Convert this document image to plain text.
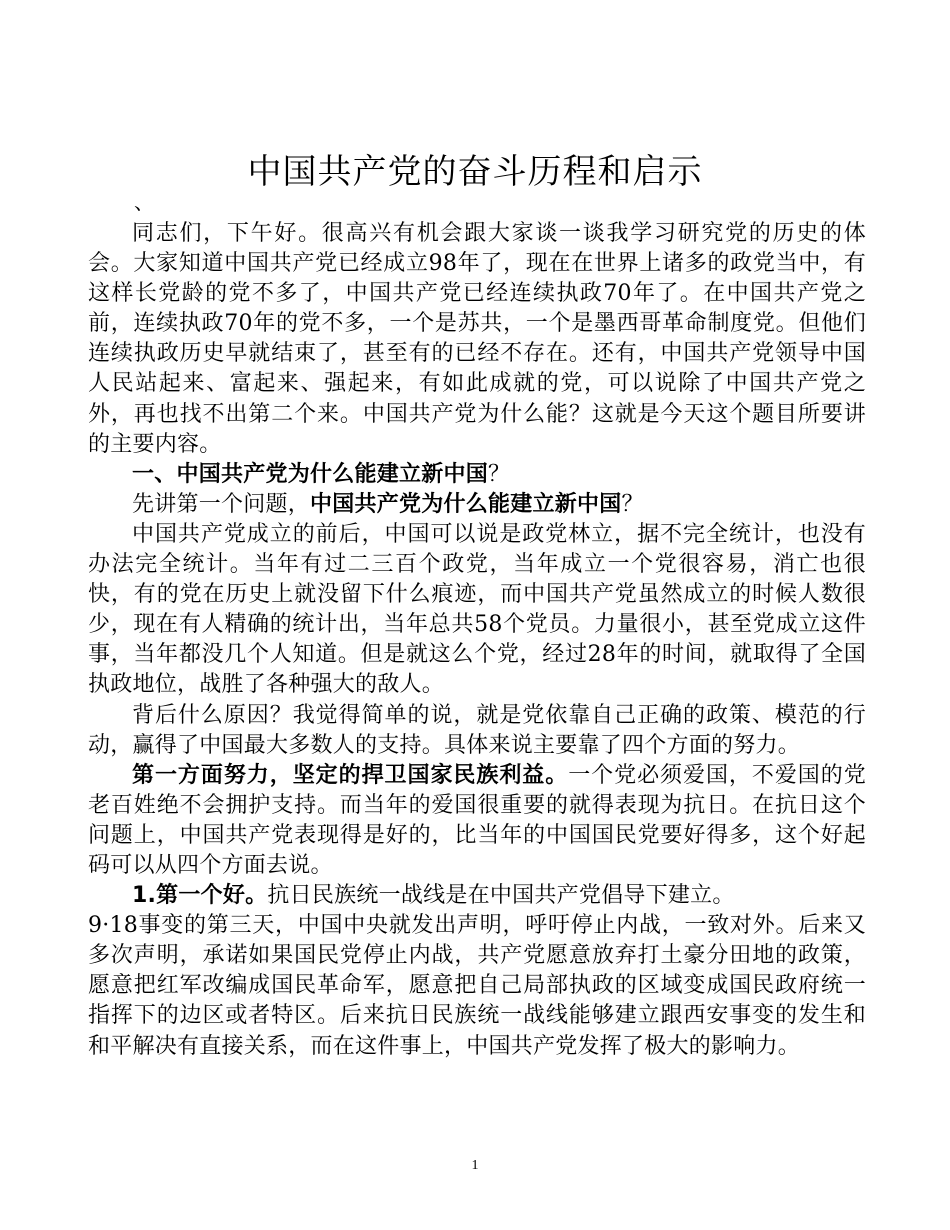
中国共产党的奋斗历程和启示
、

同志们，下午好。很高兴有机会跟大家谈一谈我学习研究党的历史的体会。大家知道中国共产党已经成立98年了，现在在世界上诸多的政党当中，有这样长党龄的党不多了，中国共产党已经连续执政70年了。在中国共产党之前，连续执政70年的党不多，一个是苏共，一个是墨西哥革命制度党。但他们连续执政历史早就结束了，甚至有的已经不存在。还有，中国共产党领导中国人民站起来、富起来、强起来，有如此成就的党，可以说除了中国共产党之外，再也找不出第二个来。中国共产党为什么能？这就是今天这个题目所要讲的主要内容。

一、中国共产党为什么能建立新中国？

先讲第一个问题，中国共产党为什么能建立新中国？

中国共产党成立的前后，中国可以说是政党林立，据不完全统计，也没有办法完全统计。当年有过二三百个政党，当年成立一个党很容易，消亡也很快，有的党在历史上就没留下什么痕迹，而中国共产党虽然成立的时候人数很少，现在有人精确的统计出，当年总共58个党员。力量很小，甚至党成立这件事，当年都没几个人知道。但是就这么个党，经过28年的时间，就取得了全国执政地位，战胜了各种强大的敌人。

背后什么原因？我觉得简单的说，就是党依靠自己正确的政策、模范的行动，赢得了中国最大多数人的支持。具体来说主要靠了四个方面的努力。

第一方面努力，坚定的捍卫国家民族利益。一个党必须爱国，不爱国的党老百姓绝不会拥护支持。而当年的爱国很重要的就得表现为抗日。在抗日这个问题上，中国共产党表现得是好的，比当年的中国国民党要好得多，这个好起码可以从四个方面去说。

1.第一个好。抗日民族统一战线是在中国共产党倡导下建立。

9·18事变的第三天，中国中央就发出声明，呼吁停止内战，一致对外。后来又多次声明，承诺如果国民党停止内战，共产党愿意放弃打土豪分田地的政策，愿意把红军改编成国民革命军，愿意把自己局部执政的区域变成国民政府统一指挥下的边区或者特区。后来抗日民族统一战线能够建立跟西安事变的发生和和平解决有直接关系，而在这件事上，中国共产党发挥了极大的影响力。

1
